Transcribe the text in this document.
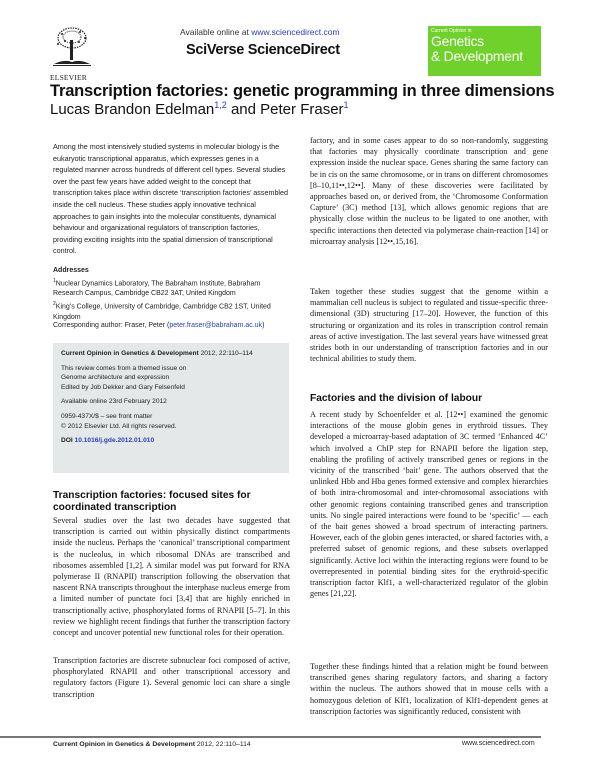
ELSEVIER
Available online at www.sciencedirect.com
SciVerse ScienceDirect
Current Opinion in
Genetics
& Development
Transcription factories: genetic programming in three dimensions
Lucas Brandon Edelman$^{1,2}$ and Peter Fraser$^1$
Among the most intensively studied systems in molecular biology is the eukaryotic transcriptional apparatus, which expresses genes in a regulated manner across hundreds of different cell types. Several studies over the past few years have added weight to the concept that transcription takes place within discrete ‘transcription factories’ assembled inside the cell nucleus. These studies apply innovative technical approaches to gain insights into the molecular constituents, dynamical behaviour and organizational regulators of transcription factories, providing exciting insights into the spatial dimension of transcriptional control.
Addresses
$^1$Nuclear Dynamics Laboratory, The Babraham Institute, Babraham Research Campus, Cambridge CB22 3AT, United Kingdom
$^2$King’s College, University of Cambridge, Cambridge CB2 1ST, United Kingdom
Corresponding author: Fraser, Peter (peter.fraser@babraham.ac.uk)
Current Opinion in Genetics & Development 2012, 22:110–114
This review comes from a themed issue on
Genome architecture and expression
Edited by Job Dekker and Gary Felsenfeld
Available online 23rd February 2012
0959-437X/$ – see front matter
© 2012 Elsevier Ltd. All rights reserved.
DOI 10.1016/j.gde.2012.01.010
Transcription factories: focused sites for coordinated transcription
Several studies over the last two decades have suggested that transcription is carried out within physically distinct compartments inside the nucleus. Perhaps the ‘canonical’ transcriptional compartment is the nucleolus, in which ribosomal DNAs are transcribed and ribosomes assembled [1,2]. A similar model was put forward for RNA polymerase II (RNAPII) transcription following the observation that nascent RNA transcripts throughout the interphase nucleus emerge from a limited number of punctate foci [3,4] that are highly enriched in transcriptionally active, phosphorylated forms of RNAPII [5–7]. In this review we highlight recent findings that further the transcription factory concept and uncover potential new functional roles for their operation.
Transcription factories are discrete subnuclear foci composed of active, phosphorylated RNAPII and other transcriptional accessory and regulatory factors (Figure 1). Several genomic loci can share a single transcription
factory, and in some cases appear to do so non-randomly, suggesting that factories may physically coordinate transcription and gene expression inside the nuclear space. Genes sharing the same factory can be in cis on the same chromosome, or in trans on different chromosomes [8–10,11••,12••]. Many of these discoveries were facilitated by approaches based on, or derived from, the ‘Chromosome Conformation Capture’ (3C) method [13], which allows genomic regions that are physically close within the nucleus to be ligated to one another, with specific interactions then detected via polymerase chain-reaction [14] or microarray analysis [12••,15,16].
Taken together these studies suggest that the genome within a mammalian cell nucleus is subject to regulated and tissue-specific three-dimensional (3D) structuring [17–20]. However, the function of this structuring or organization and its roles in transcription control remain areas of active investigation. The last several years have witnessed great strides both in our understanding of transcription factories and in our technical abilities to study them.
Factories and the division of labour
A recent study by Schoenfelder et al. [12••] examined the genomic interactions of the mouse globin genes in erythroid tissues. They developed a microarray-based adaptation of 3C termed ‘Enhanced 4C’ which involved a ChIP step for RNAPII before the ligation step, enabling the profiling of actively transcribed genes or regions in the vicinity of the transcribed ‘bait’ gene. The authors observed that the unlinked Hbb and Hba genes formed extensive and complex hierarchies of both intra-chromosomal and inter-chromosomal associations with other genomic regions containing transcribed genes and transcription units. No single paired interactions were found to be ‘specific’ — each of the bait genes showed a broad spectrum of interacting partners. However, each of the globin genes interacted, or shared factories with, a preferred subset of genomic regions, and these subsets overlapped significantly. Active loci within the interacting regions were found to be overrepresented in potential binding sites for the erythroid-specific transcription factor Klf1, a well-characterized regulator of the globin genes [21,22].
Together these findings hinted that a relation might be found between transcribed genes sharing regulatory factors, and sharing a factory within the nucleus. The authors showed that in mouse cells with a homozygous deletion of Klf1, localization of Klf1-dependent genes at transcription factories was significantly reduced, consistent with
Current Opinion in Genetics & Development 2012, 22:110–114	www.sciencedirect.com
